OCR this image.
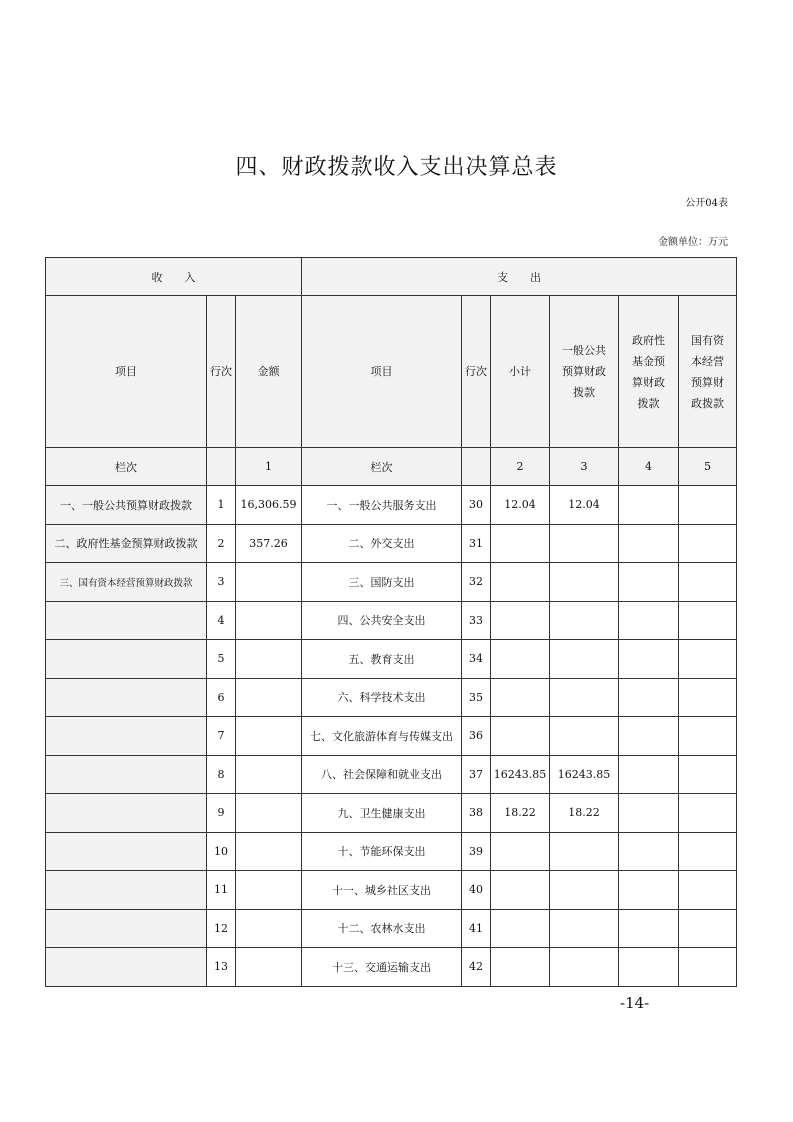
四、财政拨款收入支出决算总表
公开04表
金额单位：万元
收　　入			支　　出					
项目	行次	金额	项目	行次	小计	一般公共预算财政拨款	政府性基金预算财政拨款	国有资本经营预算财政拨款
栏次		1	栏次		2	3	4	5
一、一般公共预算财政拨款	1	16,306.59	一、一般公共服务支出	30	12.04	12.04		
二、政府性基金预算财政拨款	2	357.26	二、外交支出	31				
三、国有资本经营预算财政拨款	3		三、国防支出	32				
	4		四、公共安全支出	33				
	5		五、教育支出	34				
	6		六、科学技术支出	35				
	7		七、文化旅游体育与传媒支出	36				
	8		八、社会保障和就业支出	37	16243.85	16243.85		
	9		九、卫生健康支出	38	18.22	18.22		
	10		十、节能环保支出	39				
	11		十一、城乡社区支出	40				
	12		十二、农林水支出	41				
	13		十三、交通运输支出	42				
-14-
